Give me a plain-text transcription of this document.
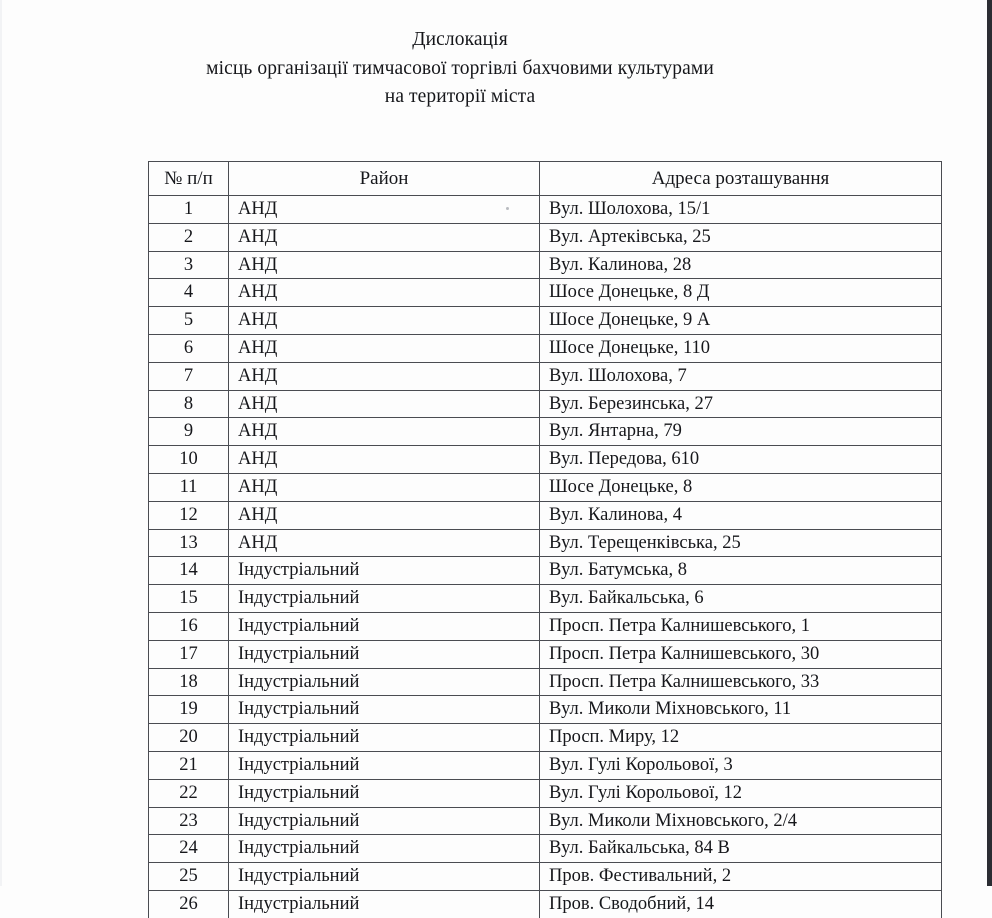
Дислокація
місць організації тимчасової торгівлі бахчовими культурами
на території міста
№ п/п	Район	Адреса розташування
1	АНД	Вул. Шолохова, 15/1
2	АНД	Вул. Артеківська, 25
3	АНД	Вул. Калинова, 28
4	АНД	Шосе Донецьке, 8 Д
5	АНД	Шосе Донецьке, 9 А
6	АНД	Шосе Донецьке, 110
7	АНД	Вул. Шолохова, 7
8	АНД	Вул. Березинська, 27
9	АНД	Вул. Янтарна, 79
10	АНД	Вул. Передова, 610
11	АНД	Шосе Донецьке, 8
12	АНД	Вул. Калинова, 4
13	АНД	Вул. Терещенківська, 25
14	Індустріальний	Вул. Батумська, 8
15	Індустріальний	Вул. Байкальська, 6
16	Індустріальний	Просп. Петра Калнишевського, 1
17	Індустріальний	Просп. Петра Калнишевського, 30
18	Індустріальний	Просп. Петра Калнишевського, 33
19	Індустріальний	Вул. Миколи Міхновського, 11
20	Індустріальний	Просп. Миру, 12
21	Індустріальний	Вул. Гулі Корольової, 3
22	Індустріальний	Вул. Гулі Корольової, 12
23	Індустріальний	Вул. Миколи Міхновського, 2/4
24	Індустріальний	Вул. Байкальська, 84 В
25	Індустріальний	Пров. Фестивальний, 2
26	Індустріальний	Пров. Сводобний, 14
